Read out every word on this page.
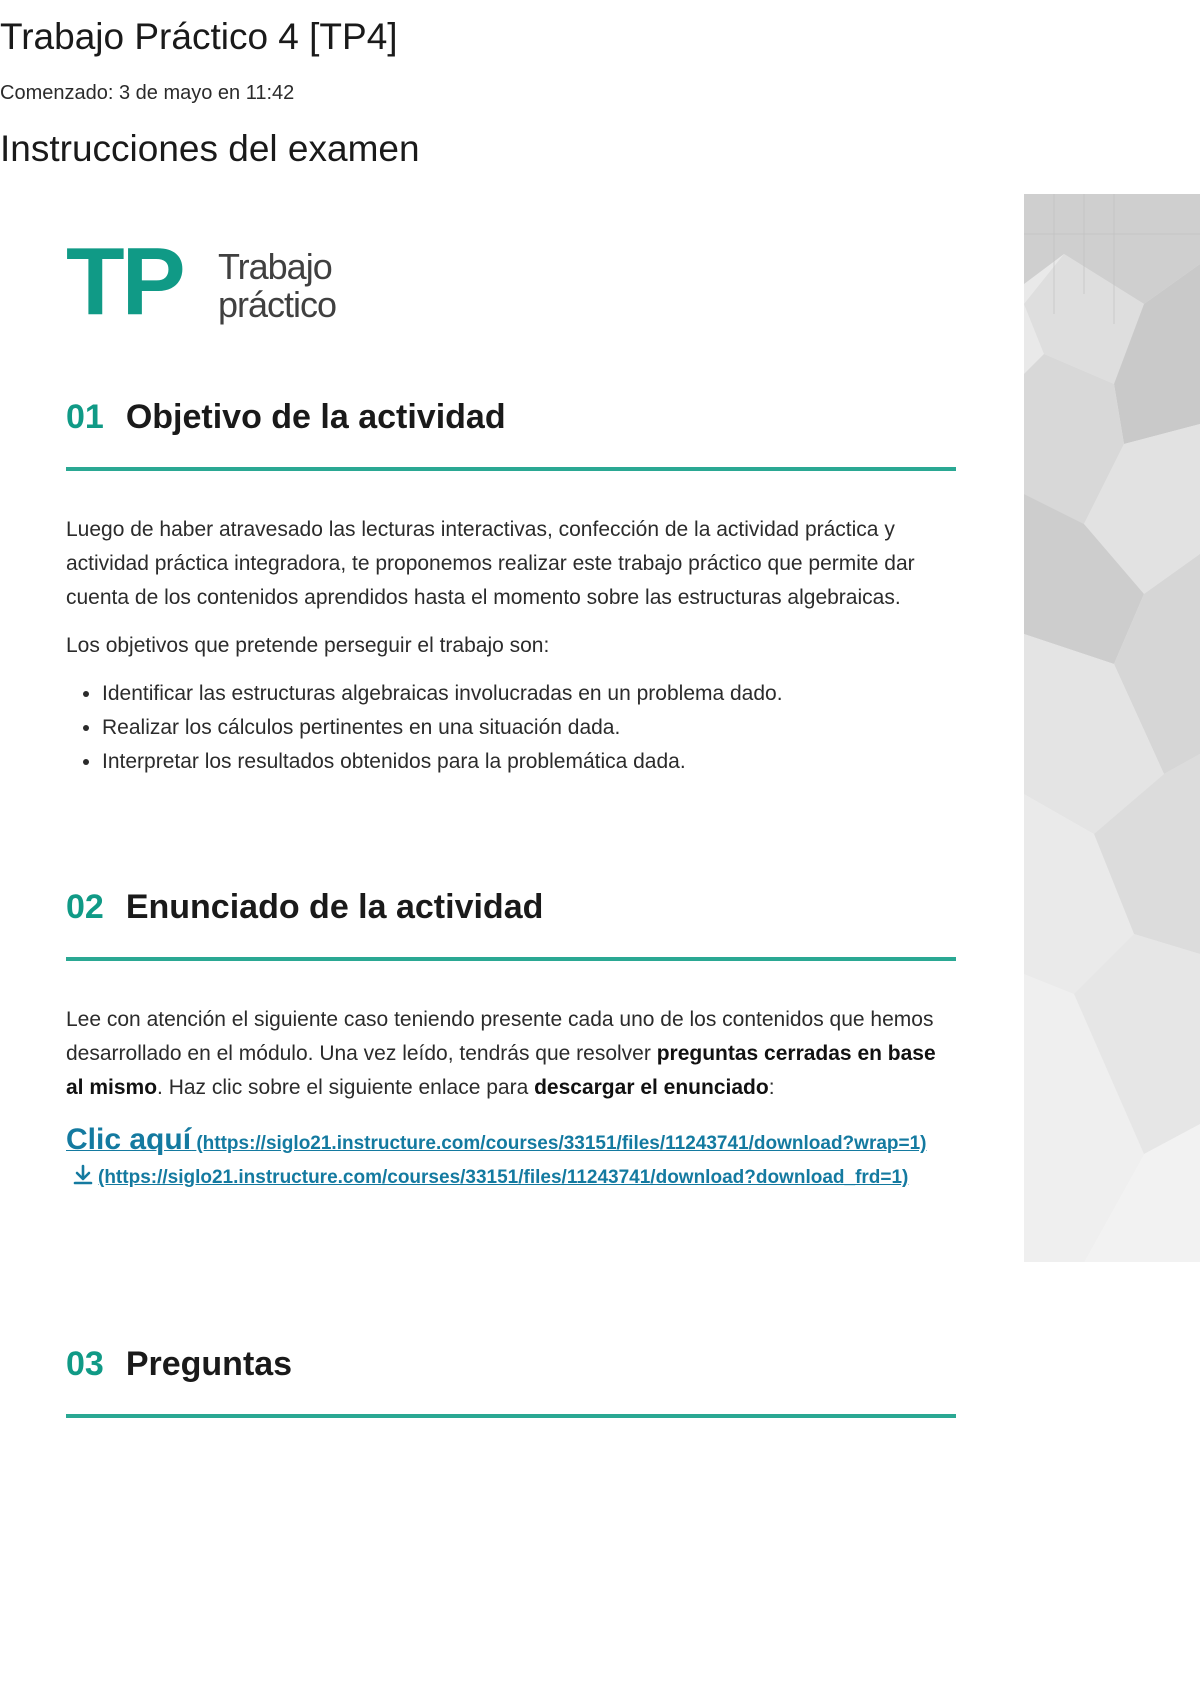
Trabajo Práctico 4 [TP4]
Comenzado: 3 de mayo en 11:42
Instrucciones del examen
TP Trabajo
práctico
01 Objetivo de la actividad

Luego de haber atravesado las lecturas interactivas, confección de la actividad práctica y actividad práctica integradora, te proponemos realizar este trabajo práctico que permite dar cuenta de los contenidos aprendidos hasta el momento sobre las estructuras algebraicas.

Los objetivos que pretende perseguir el trabajo son:

• Identificar las estructuras algebraicas involucradas en un problema dado.
• Realizar los cálculos pertinentes en una situación dada.
• Interpretar los resultados obtenidos para la problemática dada.
02 Enunciado de la actividad

Lee con atención el siguiente caso teniendo presente cada uno de los contenidos que hemos desarrollado en el módulo. Una vez leído, tendrás que resolver preguntas cerradas en base al mismo. Haz clic sobre el siguiente enlace para descargar el enunciado:

Clic aquí (https://siglo21.instructure.com/courses/33151/files/11243741/download?wrap=1)(https://siglo21.instructure.com/courses/33151/files/11243741/download?download_frd=1)
03 Preguntas
